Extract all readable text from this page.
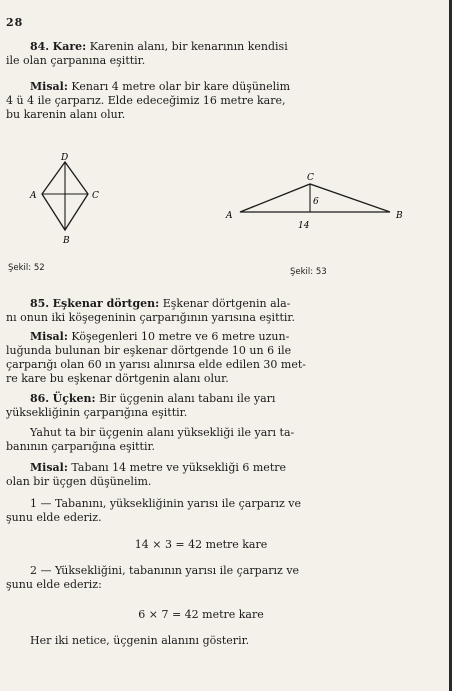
28
84. Kare: Karenin alanı, bir kenarının kendisi
ile olan çarpanına eşittir.
Misal: Kenarı 4 metre olar bir kare düşünelim
4 ü 4 ile çarparız. Elde edeceğimiz 16 metre kare,
bu karenin alanı olur.
D
A	C
B
Şekil: 52
C
A	B
6
14
Şekil: 53
85. Eşkenar dörtgen: Eşkenar dörtgenin ala-
nı onun iki köşegeninin çarparığının yarısına eşittir.
Misal: Köşegenleri 10 metre ve 6 metre uzun-
luğunda bulunan bir eşkenar dörtgende 10 un 6 ile
çarparığı olan 60 ın yarısı alınırsa elde edilen 30 met-
re kare bu eşkenar dörtgenin alanı olur.
86. Üçken: Bir üçgenin alanı tabanı ile yarı
yüksekliğinin çarparığına eşittir.
Yahut ta bir üçgenin alanı yüksekliği ile yarı ta-
banının çarparığına eşittir.
Misal: Tabanı 14 metre ve yüksekliği 6 metre
olan bir üçgen düşünelim.
1 — Tabanını, yüksekliğinin yarısı ile çarparız ve
şunu elde ederiz.
14 × 3 = 42 metre kare
2 — Yüksekliğini, tabanının yarısı ile çarparız ve
şunu elde ederiz:
6 × 7 = 42 metre kare
Her iki netice, üçgenin alanını gösterir.
